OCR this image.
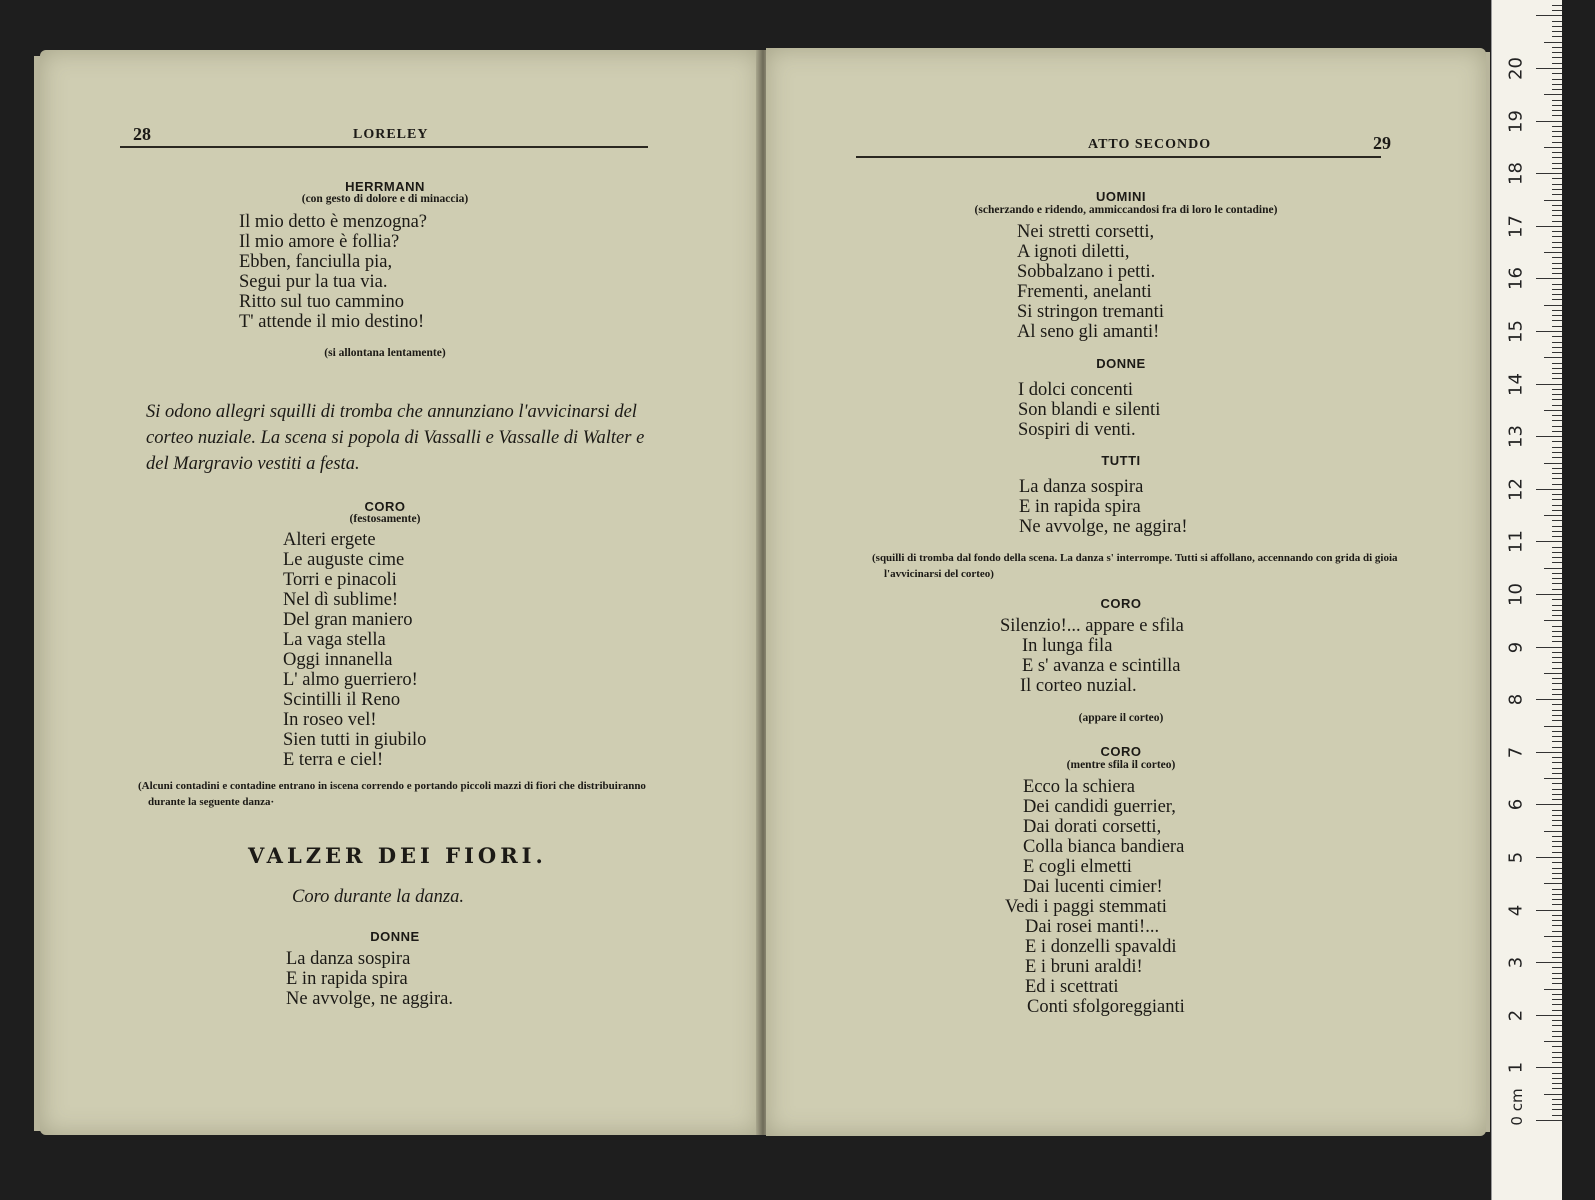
28	LORELEY
HERRMANN
(con gesto di dolore e di minaccia)
Il mio detto è menzogna?
Il mio amore è follia?
Ebben, fanciulla pia,
Segui pur la tua via.
Ritto sul tuo cammino
T' attende il mio destino!
(si allontana lentamente)
Si odono allegri squilli di tromba che annunziano l'avvicinarsi del corteo nuziale. La scena si popola di Vassalli e Vassalle di Walter e del Margravio vestiti a festa.
CORO
(festosamente)
Alteri ergete
Le auguste cime
Torri e pinacoli
Nel dì sublime!
Del gran maniero
La vaga stella
Oggi innanella
L' almo guerriero!
Scintilli il Reno
In roseo vel!
Sien tutti in giubilo
E terra e ciel!
(Alcuni contadini e contadine entrano in iscena correndo e portando piccoli mazzi di fiori che distribuiranno durante la seguente danza·
VALZER DEI FIORI.
Coro durante la danza.
DONNE
La danza sospira
E in rapida spira
Ne avvolge, ne aggira.
ATTO SECONDO	29
UOMINI
(scherzando e ridendo, ammiccandosi fra di loro le contadine)
Nei stretti corsetti,
A ignoti diletti,
Sobbalzano i petti.
Frementi, anelanti
Si stringon tremanti
Al seno gli amanti!
DONNE
I dolci concenti
Son blandi e silenti
Sospiri di venti.
TUTTI
La danza sospira
E in rapida spira
Ne avvolge, ne aggira!
(squilli di tromba dal fondo della scena. La danza s' interrompe. Tutti si affollano, accennando con grida di gioia l'avvicinarsi del corteo)
CORO
Silenzio!... appare e sfila
In lunga fila
E s' avanza e scintilla
Il corteo nuzial.
(appare il corteo)
CORO
(mentre sfila il corteo)
Ecco la schiera
Dei candidi guerrier,
Dai dorati corsetti,
Colla bianca bandiera
E cogli elmetti
Dai lucenti cimier!
Vedi i paggi stemmati
Dai rosei manti!...
E i donzelli spavaldi
E i bruni araldi!
Ed i scettrati
Conti sfolgoreggianti
0 cm
1
2
3
4
5
6
7
8
9
10
11
12
13
14
15
16
17
18
19
20
